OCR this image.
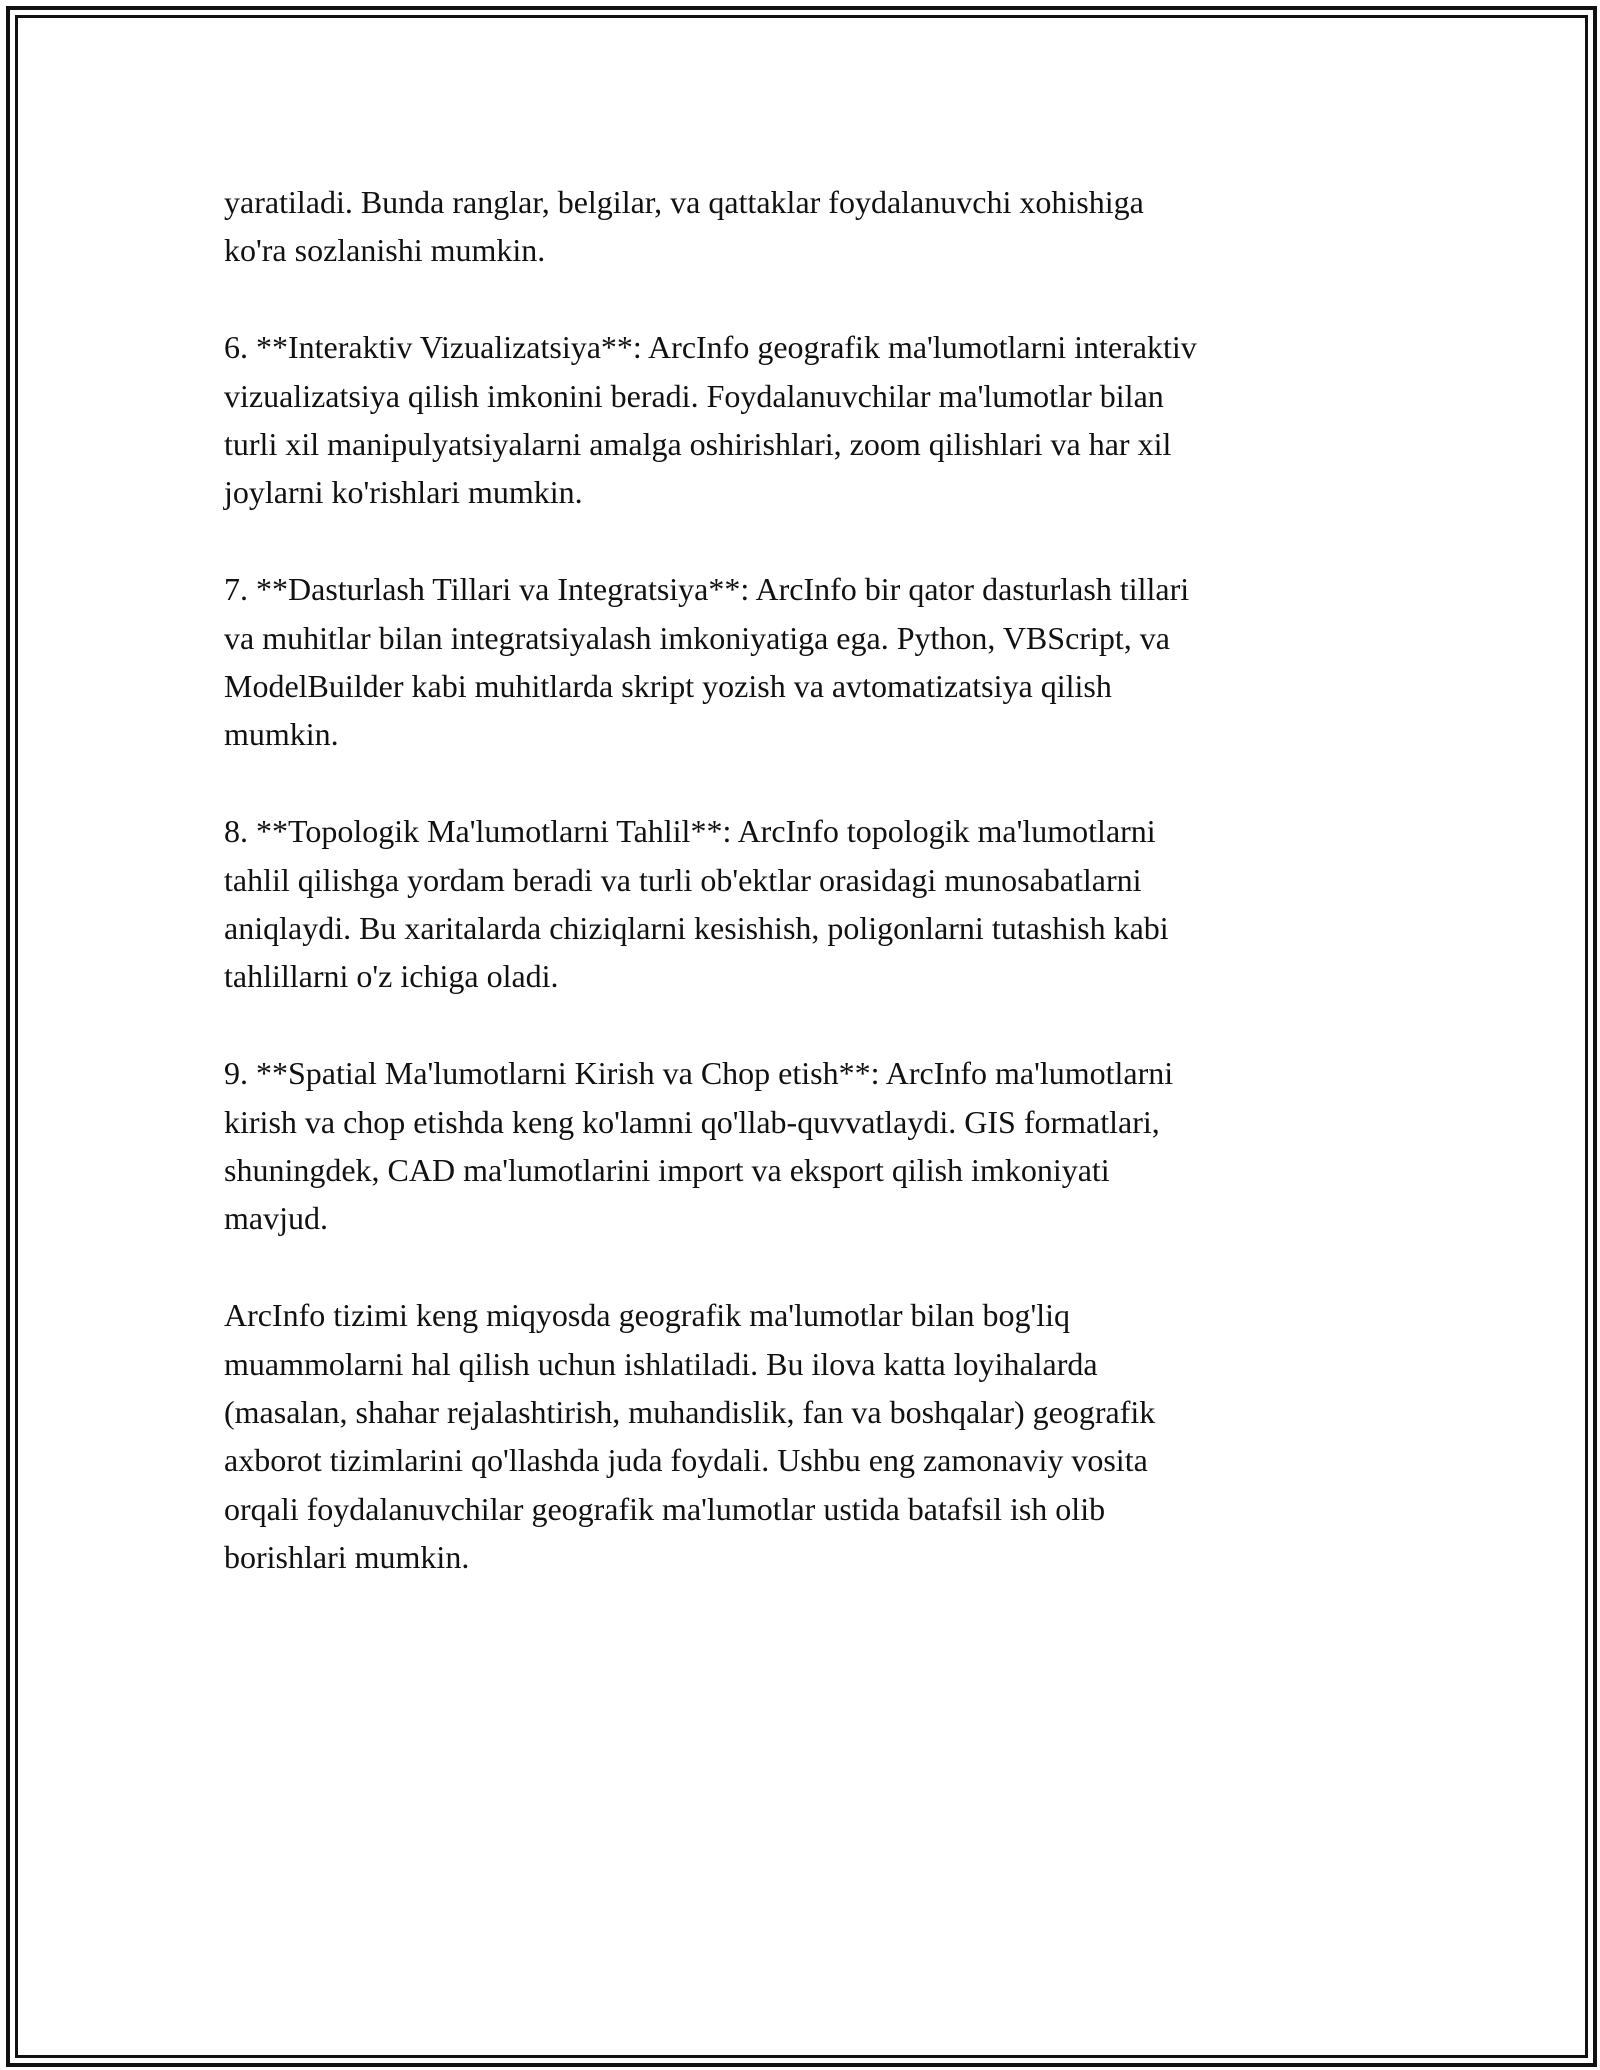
yaratiladi. Bunda ranglar, belgilar, va qattaklar foydalanuvchi xohishiga
ko'ra sozlanishi mumkin.

6. **Interaktiv Vizualizatsiya**: ArcInfo geografik ma'lumotlarni interaktiv
vizualizatsiya qilish imkonini beradi. Foydalanuvchilar ma'lumotlar bilan
turli xil manipulyatsiyalarni amalga oshirishlari, zoom qilishlari va har xil
joylarni ko'rishlari mumkin.

7. **Dasturlash Tillari va Integratsiya**: ArcInfo bir qator dasturlash tillari
va muhitlar bilan integratsiyalash imkoniyatiga ega. Python, VBScript, va
ModelBuilder kabi muhitlarda skript yozish va avtomatizatsiya qilish
mumkin.

8. **Topologik Ma'lumotlarni Tahlil**: ArcInfo topologik ma'lumotlarni
tahlil qilishga yordam beradi va turli ob'ektlar orasidagi munosabatlarni
aniqlaydi. Bu xaritalarda chiziqlarni kesishish, poligonlarni tutashish kabi
tahlillarni o'z ichiga oladi.

9. **Spatial Ma'lumotlarni Kirish va Chop etish**: ArcInfo ma'lumotlarni
kirish va chop etishda keng ko'lamni qo'llab-quvvatlaydi. GIS formatlari,
shuningdek, CAD ma'lumotlarini import va eksport qilish imkoniyati
mavjud.

ArcInfo tizimi keng miqyosda geografik ma'lumotlar bilan bog'liq
muammolarni hal qilish uchun ishlatiladi. Bu ilova katta loyihalarda
(masalan, shahar rejalashtirish, muhandislik, fan va boshqalar) geografik
axborot tizimlarini qo'llashda juda foydali. Ushbu eng zamonaviy vosita
orqali foydalanuvchilar geografik ma'lumotlar ustida batafsil ish olib
borishlari mumkin.
